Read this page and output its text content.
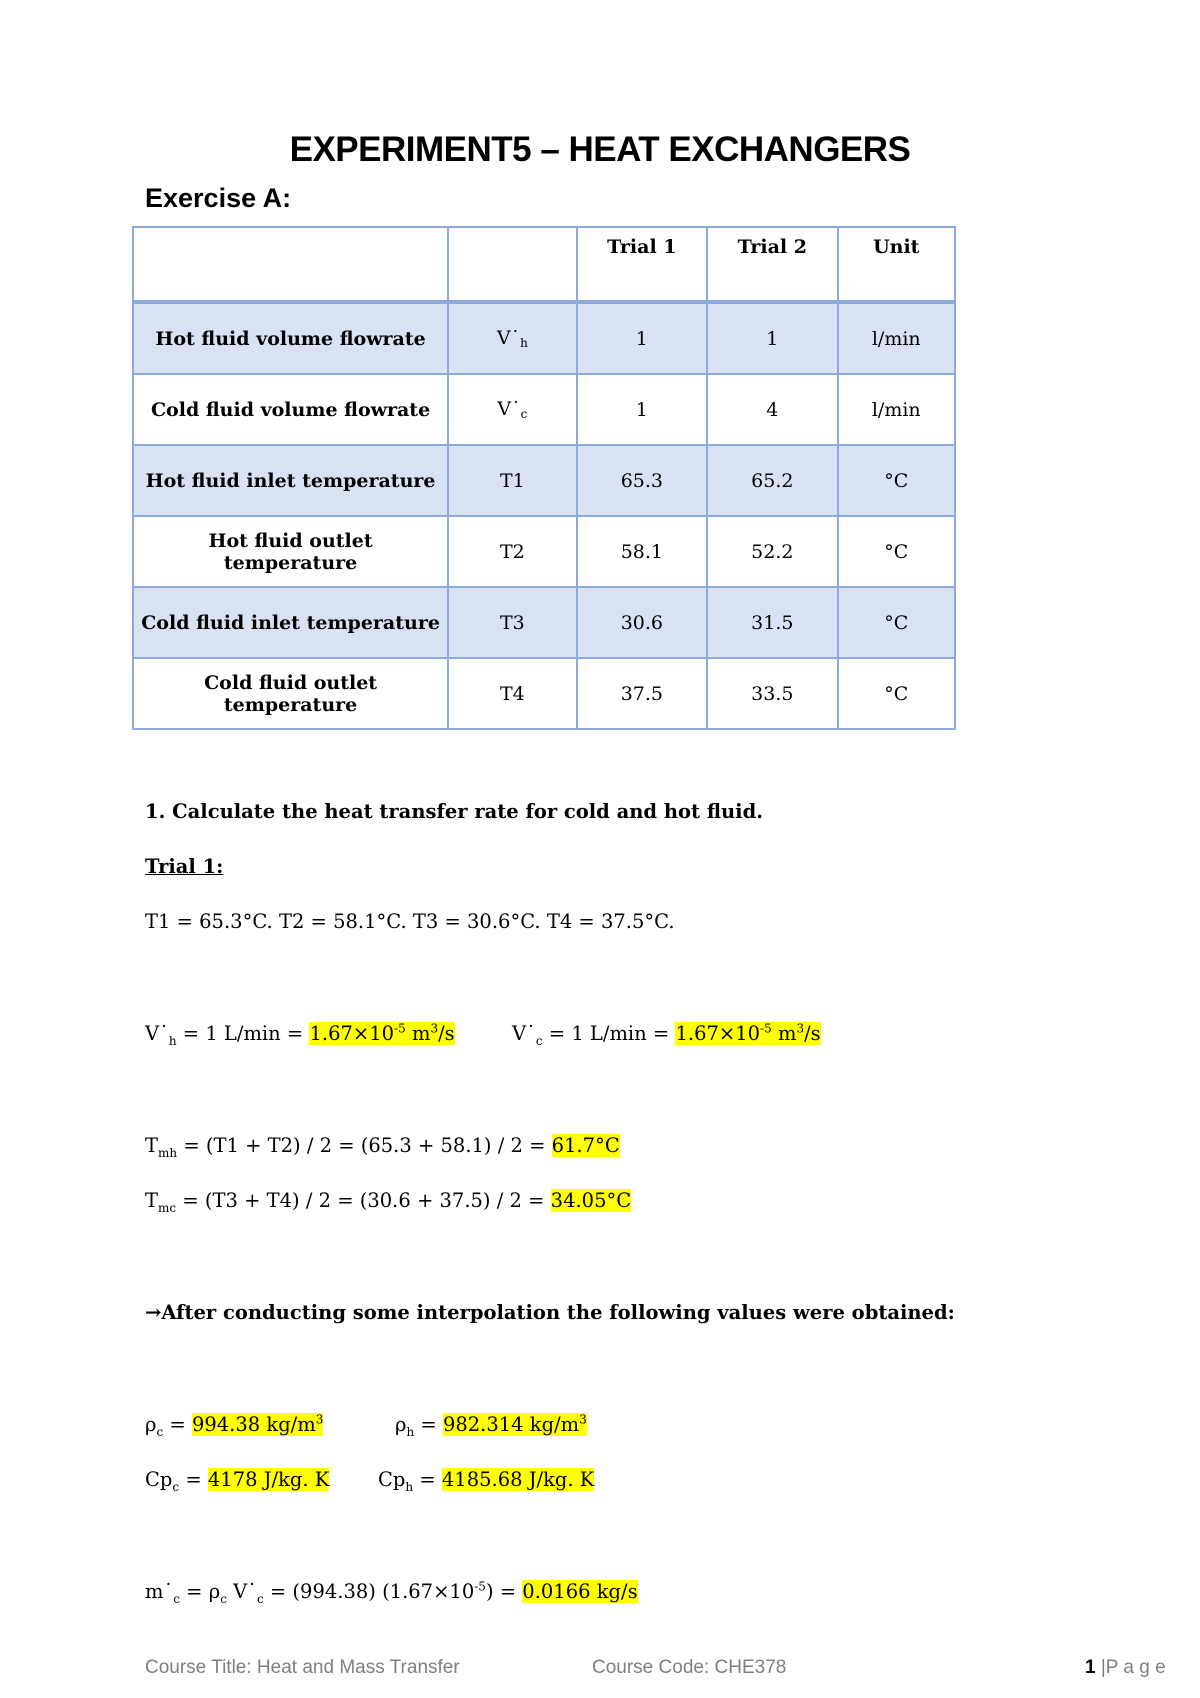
EXPERIMENT5 – HEAT EXCHANGERS
Exercise A:
		Trial 1	Trial 2	Unit
Hot fluid volume flowrate	$V˙_h$	1	1	l/min
Cold fluid volume flowrate	$V˙_c$	1	4	l/min
Hot fluid inlet temperature	T1	65.3	65.2	°C
Hot fluid outlet temperature	T2	58.1	52.2	°C
Cold fluid inlet temperature	T3	30.6	31.5	°C
Cold fluid outlet temperature	T4	37.5	33.5	°C
1. Calculate the heat transfer rate for cold and hot fluid.
Trial 1:
T1 = 65.3°C. T2 = 58.1°C. T3 = 30.6°C. T4 = 37.5°C.
$V˙_h = 1$ $L/\min = 1.67\times 10^{-5}$ $m^3/s$	$V˙_c = 1$ $L/\min = 1.67\times 10^{-5}$ $m^3/s$
$T_{mh} = (T1 + T2) / 2 = (65.3 + 58.1) / 2 = 61.7^\circ C$
$T_{mc} = (T3 + T4) / 2 = (30.6 + 37.5) / 2 = 34.05^\circ C$
→After conducting some interpolation the following values were obtained:
$\rho_c = 994.38$ $kg/m^3$	$\rho_h = 982.314$ $kg/m^3$
$Cp_c = 4178$ J/kg. K $Cp_h = 4185.68$ J/kg. K
$m˙_c = \rho_c$ $V˙_c = (994.38) (1.67\times 10^{-5}) = 0.0166$ kg/s
Course Title: Heat and Mass Transfer	Course Code: CHE378	1 |P a g e
